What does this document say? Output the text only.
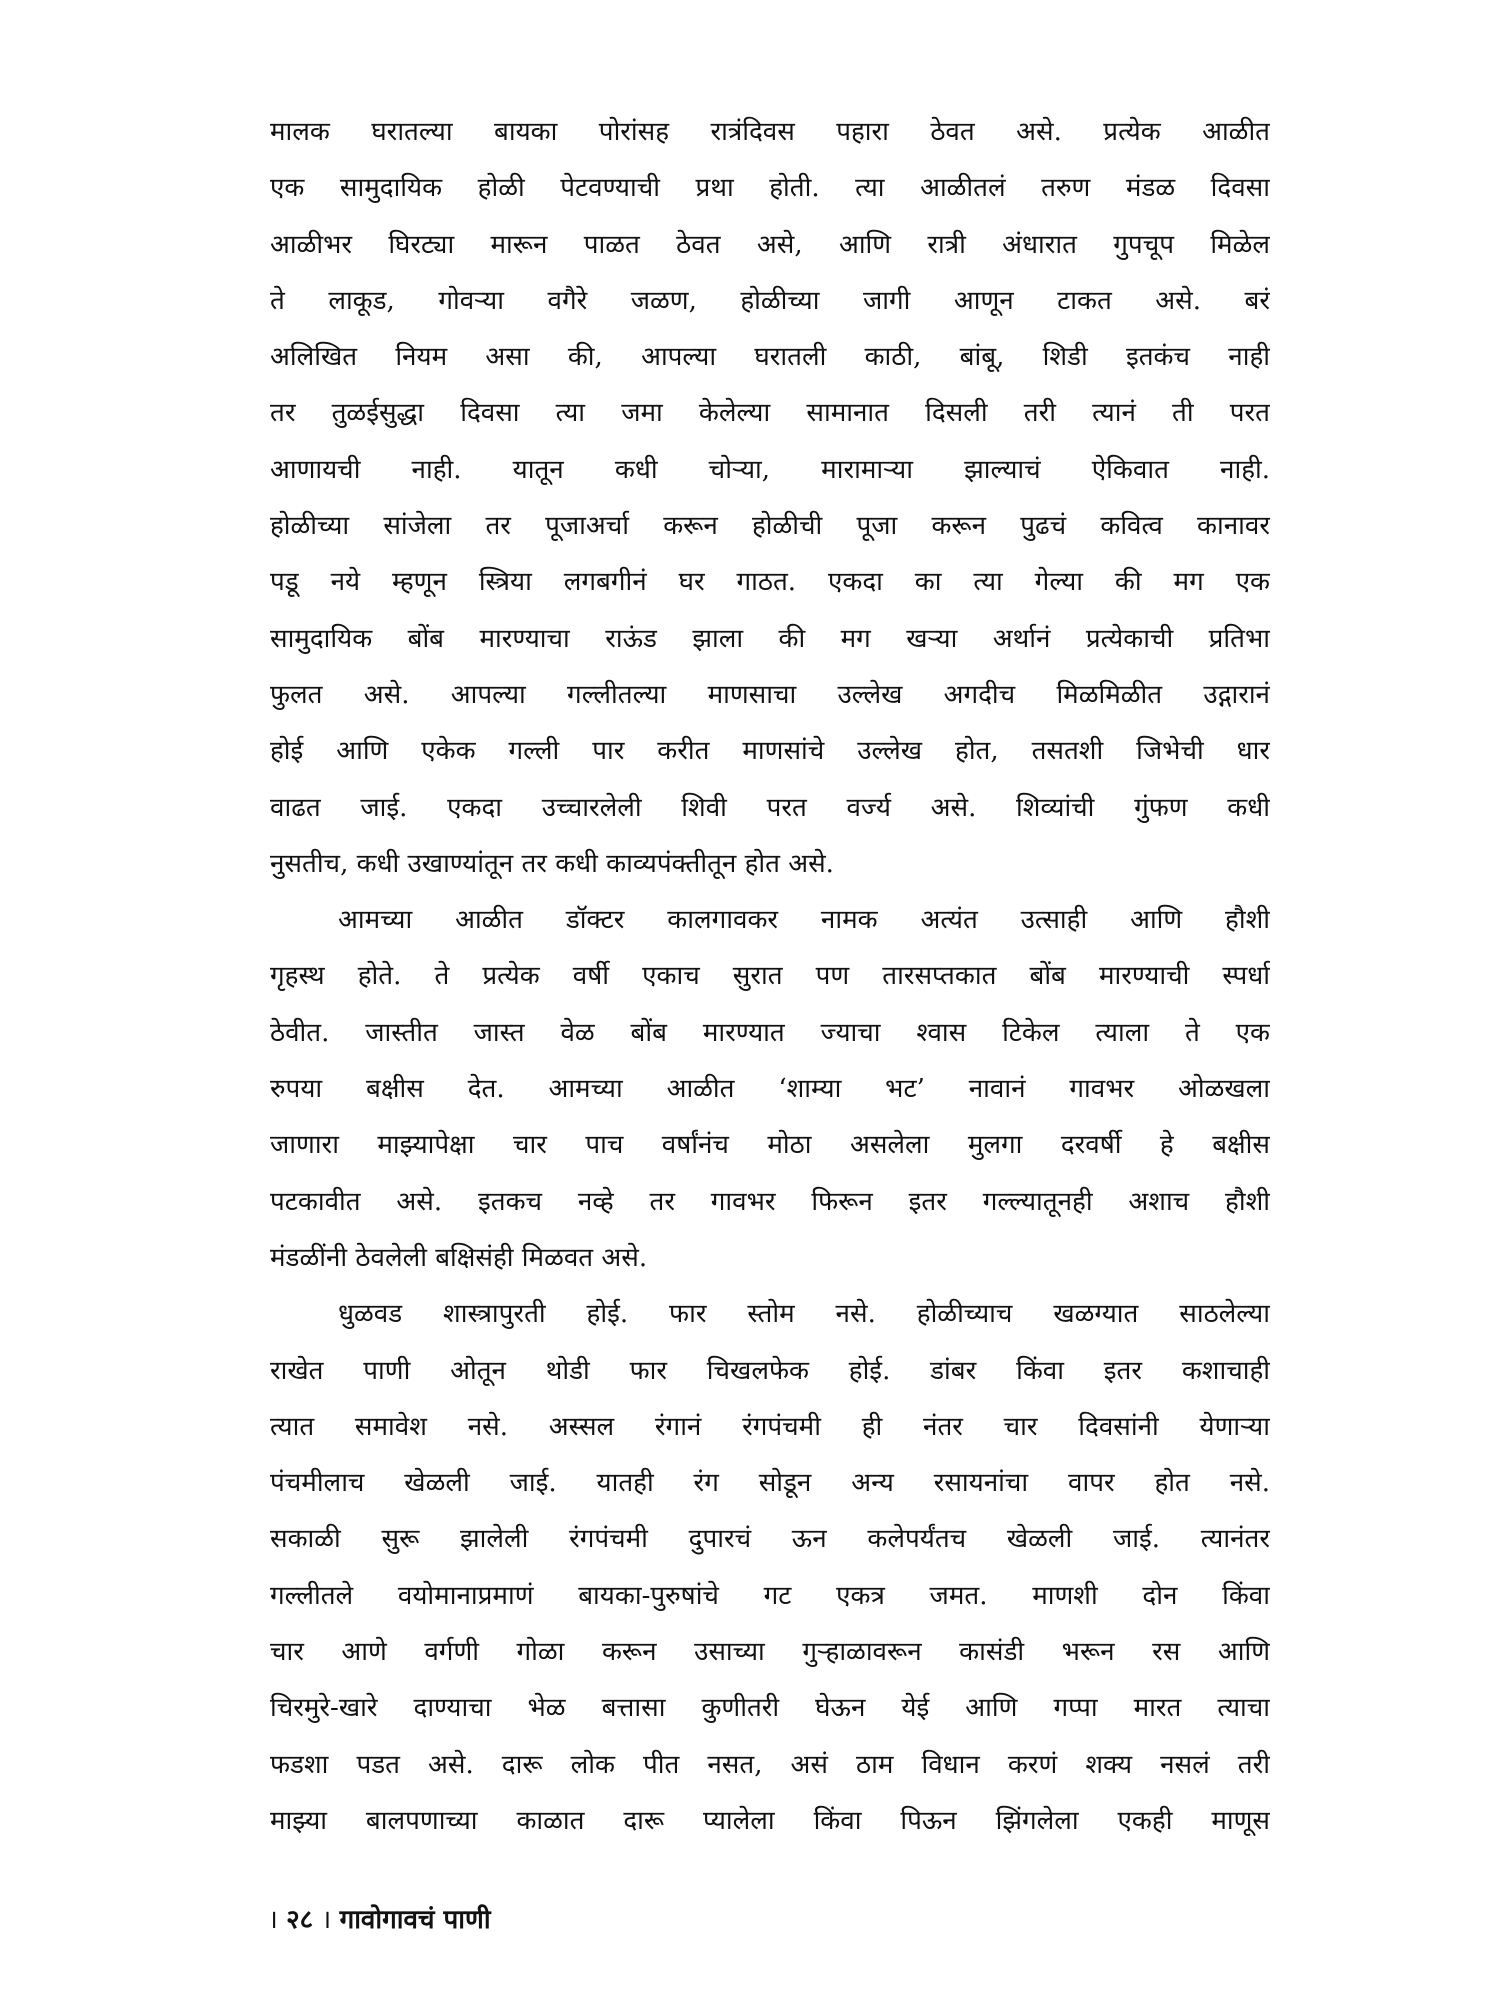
मालक घरातल्या बायका पोरांसह रात्रंदिवस पहारा ठेवत असे. प्रत्येक आळीत
एक सामुदायिक होळी पेटवण्याची प्रथा होती. त्या आळीतलं तरुण मंडळ दिवसा
आळीभर घिरट्या मारून पाळत ठेवत असे, आणि रात्री अंधारात गुपचूप मिळेल
ते लाकूड, गोवऱ्या वगैरे जळण, होळीच्या जागी आणून टाकत असे. बरं
अलिखित नियम असा की, आपल्या घरातली काठी, बांबू, शिडी इतकंच नाही
तर तुळईसुद्धा दिवसा त्या जमा केलेल्या सामानात दिसली तरी त्यानं ती परत
आणायची नाही. यातून कधी चोऱ्या, मारामाऱ्या झाल्याचं ऐकिवात नाही.
होळीच्या सांजेला तर पूजाअर्चा करून होळीची पूजा करून पुढचं कवित्व कानावर
पडू नये म्हणून स्त्रिया लगबगीनं घर गाठत. एकदा का त्या गेल्या की मग एक
सामुदायिक बोंब मारण्याचा राऊंड झाला की मग खऱ्या अर्थानं प्रत्येकाची प्रतिभा
फुलत असे. आपल्या गल्लीतल्या माणसाचा उल्लेख अगदीच मिळमिळीत उद्गारानं
होई आणि एकेक गल्ली पार करीत माणसांचे उल्लेख होत, तसतशी जिभेची धार
वाढत जाई. एकदा उच्चारलेली शिवी परत वर्ज्य असे. शिव्यांची गुंफण कधी
नुसतीच, कधी उखाण्यांतून तर कधी काव्यपंक्तीतून होत असे.
आमच्या आळीत डॉक्टर कालगावकर नामक अत्यंत उत्साही आणि हौशी
गृहस्थ होते. ते प्रत्येक वर्षी एकाच सुरात पण तारसप्तकात बोंब मारण्याची स्पर्धा
ठेवीत. जास्तीत जास्त वेळ बोंब मारण्यात ज्याचा श्वास टिकेल त्याला ते एक
रुपया बक्षीस देत. आमच्या आळीत ‘शाम्या भट’ नावानं गावभर ओळखला
जाणारा माझ्यापेक्षा चार पाच वर्षांनंच मोठा असलेला मुलगा दरवर्षी हे बक्षीस
पटकावीत असे. इतकच नव्हे तर गावभर फिरून इतर गल्ल्यातूनही अशाच हौशी
मंडळींनी ठेवलेली बक्षिसंही मिळवत असे.
धुळवड शास्त्रापुरती होई. फार स्तोम नसे. होळीच्याच खळग्यात साठलेल्या
राखेत पाणी ओतून थोडी फार चिखलफेक होई. डांबर किंवा इतर कशाचाही
त्यात समावेश नसे. अस्सल रंगानं रंगपंचमी ही नंतर चार दिवसांनी येणाऱ्या
पंचमीलाच खेळली जाई. यातही रंग सोडून अन्य रसायनांचा वापर होत नसे.
सकाळी सुरू झालेली रंगपंचमी दुपारचं ऊन कलेपर्यंतच खेळली जाई. त्यानंतर
गल्लीतले वयोमानाप्रमाणं बायका-पुरुषांचे गट एकत्र जमत. माणशी दोन किंवा
चार आणे वर्गणी गोळा करून उसाच्या गुऱ्हाळावरून कासंडी भरून रस आणि
चिरमुरे-खारे दाण्याचा भेळ बत्तासा कुणीतरी घेऊन येई आणि गप्पा मारत त्याचा
फडशा पडत असे. दारू लोक पीत नसत, असं ठाम विधान करणं शक्य नसलं तरी
माझ्या बालपणाच्या काळात दारू प्यालेला किंवा पिऊन झिंगलेला एकही माणूस
। २८ । गावोगावचं पाणी
